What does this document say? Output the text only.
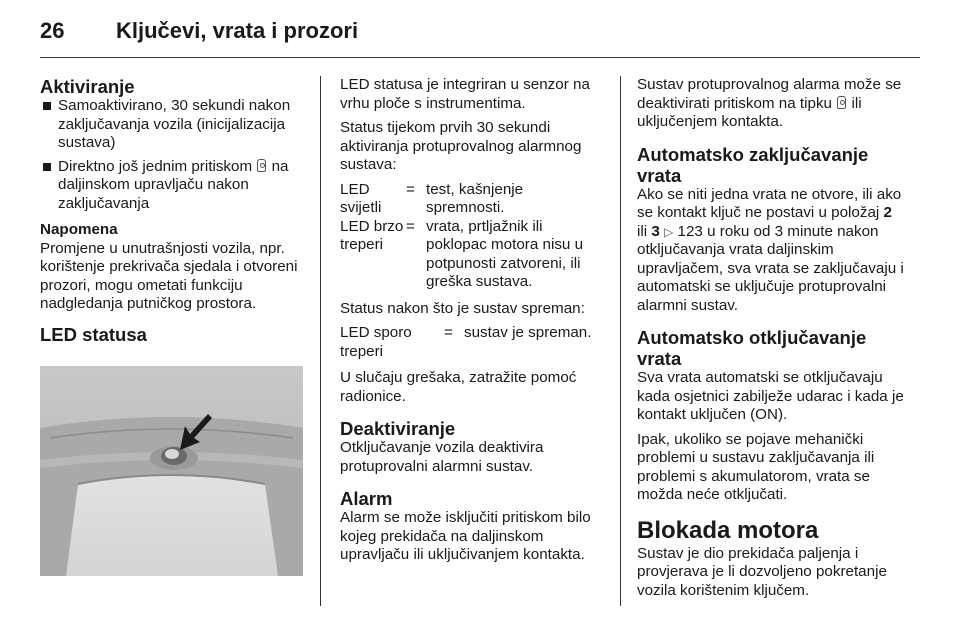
26 Ključevi, vrata i prozori
Aktiviranje
Samoaktivirano, 30 sekundi nakon zaključavanja vozila (inicijalizacija sustava)
Direktno još jednim pritiskom na daljinskom upravljaču nakon zaključavanja

Napomena

Promjene u unutrašnjosti vozila, npr. korištenje prekrivača sjedala i otvoreni prozori, mogu ometati funkciju nadgledanja putničkog prostora.

LED statusa

LED statusa je integriran u senzor na vrhu ploče s instrumentima.

Status tijekom prvih 30 sekundi aktiviranja protuprovalnog alarmnog sustava:

LED svijetli	=	test, kašnjenje spremnosti.
LED brzo treperi	=	vrata, prtljažnik ili poklopac motora nisu u potpunosti zatvoreni, ili greška sustava.

Status nakon što je sustav spreman:

LED sporo treperi	=	sustav je spreman.

U slučaju grešaka, zatražite pomoć radionice.

Deaktiviranje

Otključavanje vozila deaktivira protuprovalni alarmni sustav.

Alarm

Alarm se može isključiti pritiskom bilo kojeg prekidača na daljinskom upravljaču ili uključivanjem kontakta.

Sustav protuprovalnog alarma može se deaktivirati pritiskom na tipku ili uključenjem kontakta.

Automatsko zaključavanje vrata

Ako se niti jedna vrata ne otvore, ili ako se kontakt ključ ne postavi u položaj 2 ili 3 ▷ 123 u roku od 3 minute nakon otključavanja vrata daljinskim upravljačem, sva vrata se zaključavaju i automatski se uključuje protuprovalni alarmni sustav.

Automatsko otključavanje vrata

Sva vrata automatski se otključavaju kada osjetnici zabilježe udarac i kada je kontakt uključen (ON).

Ipak, ukoliko se pojave mehanički problemi u sustavu zaključavanja ili problemi s akumulatorom, vrata se možda neće otključati.

Blokada motora

Sustav je dio prekidača paljenja i provjerava je li dozvoljeno pokretanje vozila korištenim ključem.
